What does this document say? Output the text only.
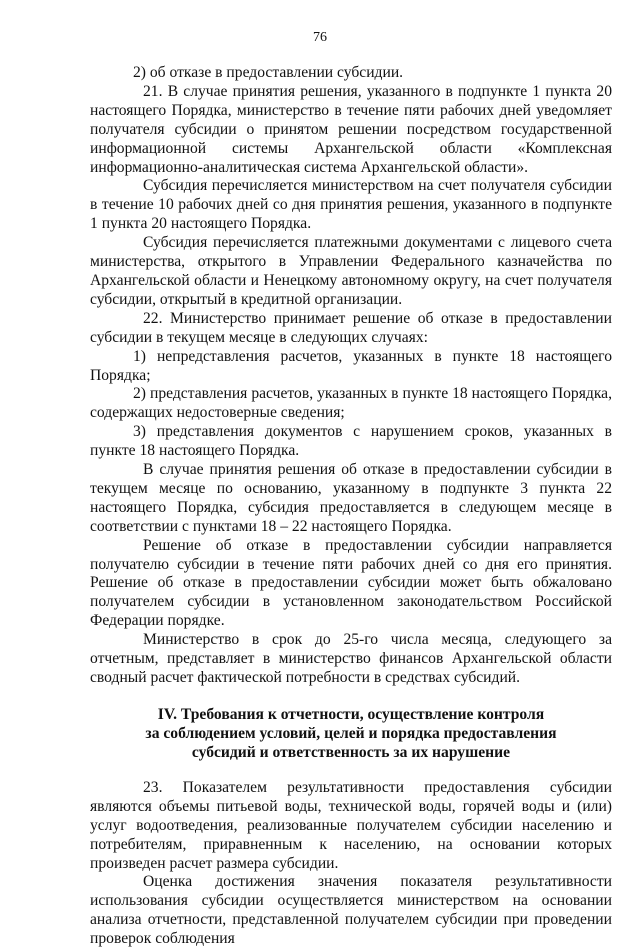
76

2) об отказе в предоставлении субсидии.

21. В случае принятия решения, указанного в подпункте 1 пункта 20 настоящего Порядка, министерство в течение пяти рабочих дней уведомляет получателя субсидии о принятом решении посредством государственной информационной системы Архангельской области «Комплексная информационно-аналитическая система Архангельской области».

Субсидия перечисляется министерством на счет получателя субсидии в течение 10 рабочих дней со дня принятия решения, указанного в подпункте 1 пункта 20 настоящего Порядка.

Субсидия перечисляется платежными документами с лицевого счета министерства, открытого в Управлении Федерального казначейства по Архангельской области и Ненецкому автономному округу, на счет получателя субсидии, открытый в кредитной организации.

22. Министерство принимает решение об отказе в предоставлении субсидии в текущем месяце в следующих случаях:

1) непредставления расчетов, указанных в пункте 18 настоящего Порядка;

2) представления расчетов, указанных в пункте 18 настоящего Порядка, содержащих недостоверные сведения;

3) представления документов с нарушением сроков, указанных в пункте 18 настоящего Порядка.

В случае принятия решения об отказе в предоставлении субсидии в текущем месяце по основанию, указанному в подпункте 3 пункта 22 настоящего Порядка, субсидия предоставляется в следующем месяце в соответствии с пунктами 18 – 22 настоящего Порядка.

Решение об отказе в предоставлении субсидии направляется получателю субсидии в течение пяти рабочих дней со дня его принятия. Решение об отказе в предоставлении субсидии может быть обжаловано получателем субсидии в установленном законодательством Российской Федерации порядке.

Министерство в срок до 25-го числа месяца, следующего за отчетным, представляет в министерство финансов Архангельской области сводный расчет фактической потребности в средствах субсидий.

IV. Требования к отчетности, осуществление контроля
за соблюдением условий, целей и порядка предоставления
субсидий и ответственность за их нарушение

23. Показателем результативности предоставления субсидии являются объемы питьевой воды, технической воды, горячей воды и (или) услуг водоотведения, реализованные получателем субсидии населению и потребителям, приравненным к населению, на основании которых произведен расчет размера субсидии.

Оценка достижения значения показателя результативности использования субсидии осуществляется министерством на основании анализа отчетности, представленной получателем субсидии при проведении проверок соблюдения
